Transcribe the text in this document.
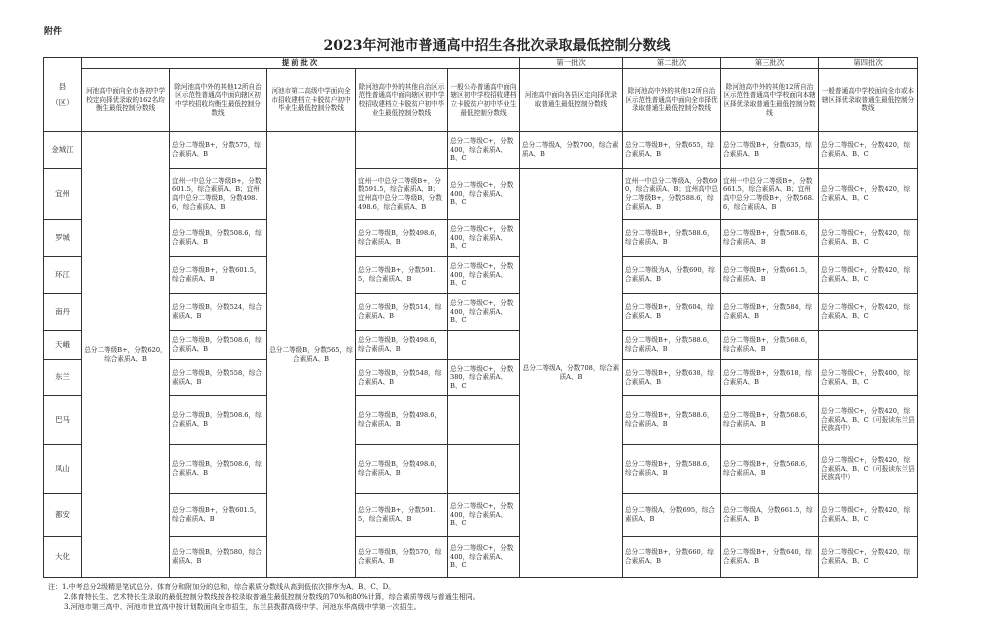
附件
2023年河池市普通高中招生各批次录取最低控制分数线
县
（区）	提前批次					第一批次	第二批次	第三批次	第四批次
	河池高中面向全市各初中学校定向择优录取的162名均衡生最低控制分数线	除河池高中外的其他12所自治区示范性普通高中面向辖区初中学校招收均衡生最低控制分数线	河池市第二高级中学面向全市招收建档立卡脱贫户初中毕业生最低控制分数线	除河池高中外的其他自治区示范性普通高中面向辖区初中学校招收建档立卡脱贫户初中毕业生最低控制分数线	一般公办普通高中面向辖区初中学校招收建档立卡脱贫户初中毕业生最低控制分数线	河池高中面向各县区定向择优录取普通生最低控制分数线	除河池高中外的其他12所自治区示范性普通高中面向全市择优录取普通生最低控制分数线	除河池高中外的其他12所自治区示范性普通高中学校面向本辖区择优录取普通生最低控制分数线	一般普通高中学校面向全市或本辖区择优录取普通生最低控制分数线
金城江	总分二等级B+，分数620，综合素质A、B	总分二等级B+，分数575，综合素质A、B	总分二等级B，分数565，综合素质A、B		总分二等级C+，分数400，综合素质A、B、C	总分二等级A，分数700，综合素质A、B	总分二等级B+，分数655，综合素质A、B	总分二等级B+，分数635，综合素质A、B	总分二等级C+，分数420，综合素质A、B、C
宜州		宜州一中总分二等级B+，分数601.5，综合素质A、B；宜州高中总分二等级B，分数498.6，综合素质A、B		宜州一中总分二等级B+，分数591.5，综合素质A、B；宜州高中总分二等级B，分数498.6，综合素质A、B	总分二等级C+，分数400，综合素质A、B、C	总分二等级A，分数708，综合素质A、B	宜州一中总分二等级A，分数690，综合素质A、B；宜州高中总分二等级B+，分数588.6，综合素质A、B	宜州一中总分二等级B+，分数661.5，综合素质A、B；宜州高中总分二等级B+，分数568.6，综合素质A、B	总分二等级C+，分数420，综合素质A、B、C
罗城		总分二等级B，分数508.6，综合素质A、B		总分二等级B，分数498.6，综合素质A、B	总分二等级C+，分数400，综合素质A、B、C		总分二等级B+，分数588.6，综合素质A、B	总分二等级B+，分数568.6，综合素质A、B	总分二等级C+，分数420，综合素质A、B、C
环江		总分二等级B+，分数601.5，综合素质A、B		总分二等级B+，分数591.5，综合素质A、B	总分二等级C+，分数400，综合素质A、B、C		总分二等级为A，分数690，综合素质A、B	总分二等级B+，分数661.5，综合素质A、B	总分二等级C+，分数420，综合素质A、B、C
南丹		总分二等级B，分数524，综合素质A、B		总分二等级B，分数514，综合素质A、B	总分二等级C+，分数400，综合素质A、B、C		总分二等级B+，分数604，综合素质A、B	总分二等级B+，分数584，综合素质A、B	总分二等级C+，分数420，综合素质A、B、C
天峨		总分二等级B，分数508.6，综合素质A、B		总分二等级B，分数498.6，综合素质A、B			总分二等级B+，分数588.6，综合素质A、B	总分二等级B+，分数568.6，综合素质A、B	
东兰		总分二等级B，分数558，综合素质A、B		总分二等级B，分数548，综合素质A、B	总分二等级C+，分数380，综合素质A、B、C		总分二等级B+，分数638，综合素质A、B	总分二等级B+，分数618，综合素质A、B	总分二等级C+，分数400，综合素质A、B、C
巴马		总分二等级B，分数508.6，综合素质A、B		总分二等级B，分数498.6，综合素质A、B			总分二等级B+，分数588.6，综合素质A、B	总分二等级B+，分数568.6，综合素质A、B	总分二等级C+，分数420，综合素质A、B、C（可报读东兰县民族高中）
凤山		总分二等级B，分数508.6，综合素质A、B		总分二等级B，分数498.6，综合素质A、B			总分二等级B+，分数588.6，综合素质A、B	总分二等级B+，分数568.6，综合素质A、B	总分二等级C+，分数420，综合素质A、B、C（可报读东兰县民族高中）
都安		总分二等级B+，分数601.5，综合素质A、B		总分二等级B+，分数591.5，综合素质A、B	总分二等级C+，分数400，综合素质A、B、C		总分二等级A，分数695，综合素质A、B	总分二等级A，分数661.5，综合素质A、B	总分二等级C+，分数420，综合素质A、B、C
大化		总分二等级B，分数580，综合素质A、B		总分二等级B，分数570，综合素质A、B	总分二等级C+，分数400，综合素质A、B、C		总分二等级B+，分数660，综合素质A、B	总分二等级B+，分数640，综合素质A、B	总分二等级C+，分数420，综合素质A、B、C
注：1.中考总分2级精是笔试总分、体育分和附加分的总和，综合素质分数线从高到低依次排序为A、B、C、D。
2.体育特长生、艺术特长生录取的最低控制分数线按各校录取普通生最低控制分数线的70%和80%计算，综合素质等级与普通生相同。
3.河池市第三高中、河池市世宜高中按计划数面向全市招生，东兰县拨群高级中学、河池东华高级中学第一次招生。
